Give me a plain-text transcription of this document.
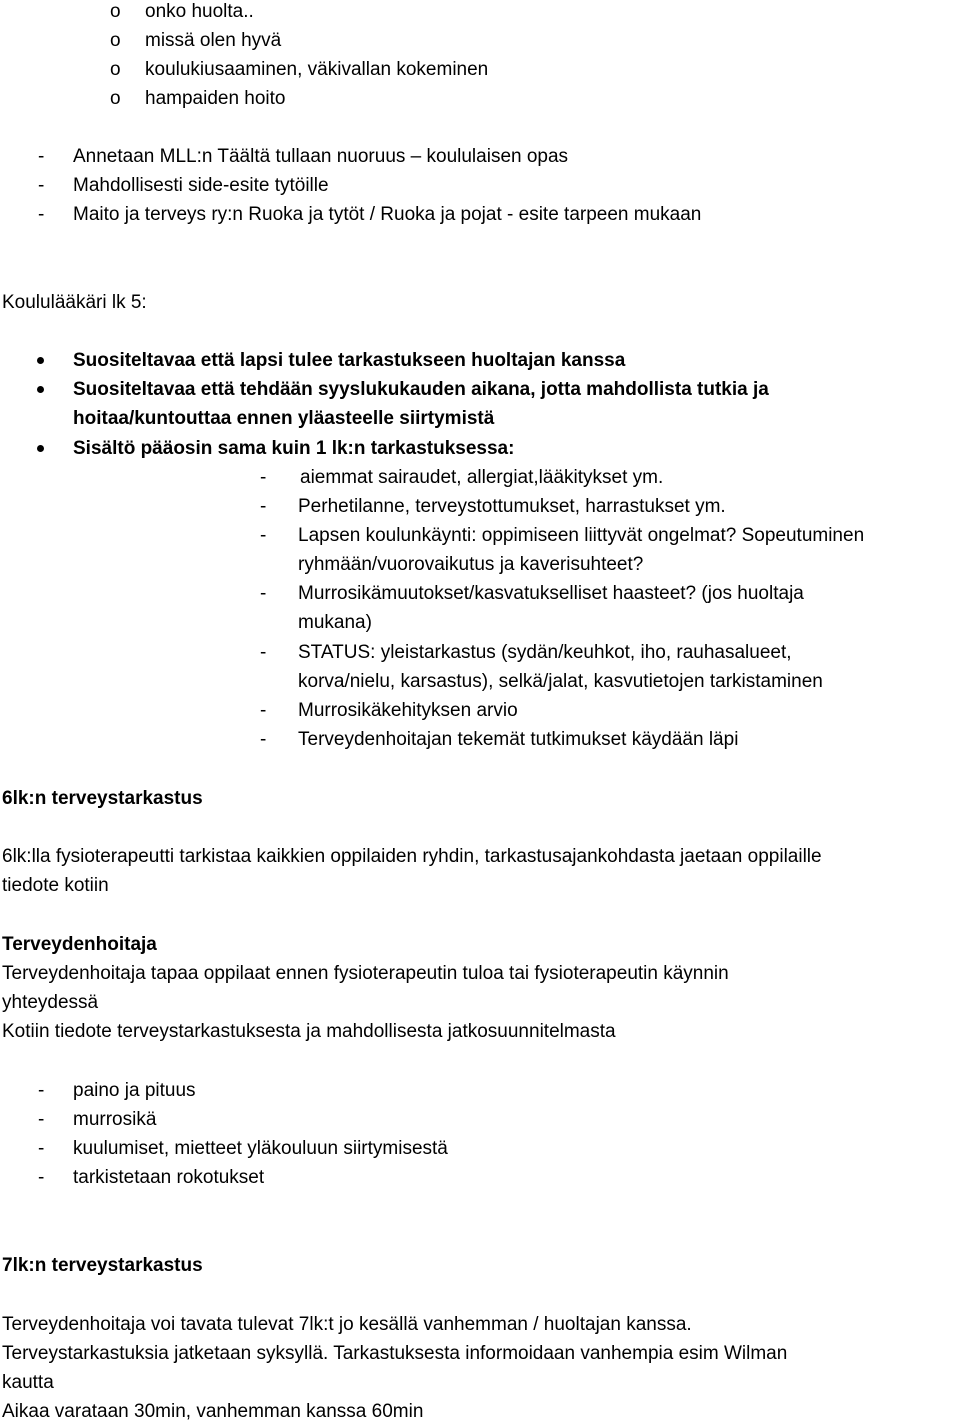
o onko huolta..
o missä olen hyvä
o koulukiusaaminen, väkivallan kokeminen
o hampaiden hoito
- Annetaan MLL:n Täältä tullaan nuoruus – koululaisen opas
- Mahdollisesti side-esite tytöille
- Maito ja terveys ry:n Ruoka ja tytöt / Ruoka ja pojat - esite tarpeen mukaan
Koululääkäri lk 5:
Suositeltavaa että lapsi tulee tarkastukseen huoltajan kanssa
Suositeltavaa että tehdään syyslukukauden aikana, jotta mahdollista tutkia ja
hoitaa/kuntouttaa ennen yläasteelle siirtymistä
Sisältö pääosin sama kuin 1 lk:n tarkastuksessa:
- aiemmat sairaudet, allergiat,lääkitykset ym.
- Perhetilanne, terveystottumukset, harrastukset ym.
- Lapsen koulunkäynti: oppimiseen liittyvät ongelmat? Sopeutuminen
ryhmään/vuorovaikutus ja kaverisuhteet?
- Murrosikämuutokset/kasvatukselliset haasteet? (jos huoltaja
mukana)
- STATUS: yleistarkastus (sydän/keuhkot, iho, rauhasalueet,
korva/nielu, karsastus), selkä/jalat, kasvutietojen tarkistaminen
- Murrosikäkehityksen arvio
- Terveydenhoitajan tekemät tutkimukset käydään läpi
6lk:n terveystarkastus
6lk:lla fysioterapeutti tarkistaa kaikkien oppilaiden ryhdin, tarkastusajankohdasta jaetaan oppilaille
tiedote kotiin
Terveydenhoitaja
Terveydenhoitaja tapaa oppilaat ennen fysioterapeutin tuloa tai fysioterapeutin käynnin
yhteydessä
Kotiin tiedote terveystarkastuksesta ja mahdollisesta jatkosuunnitelmasta
- paino ja pituus
- murrosikä
- kuulumiset, mietteet yläkouluun siirtymisestä
- tarkistetaan rokotukset
7lk:n terveystarkastus
Terveydenhoitaja voi tavata tulevat 7lk:t jo kesällä vanhemman / huoltajan kanssa.
Terveystarkastuksia jatketaan syksyllä. Tarkastuksesta informoidaan vanhempia esim Wilman
kautta
Aikaa varataan 30min, vanhemman kanssa 60min
